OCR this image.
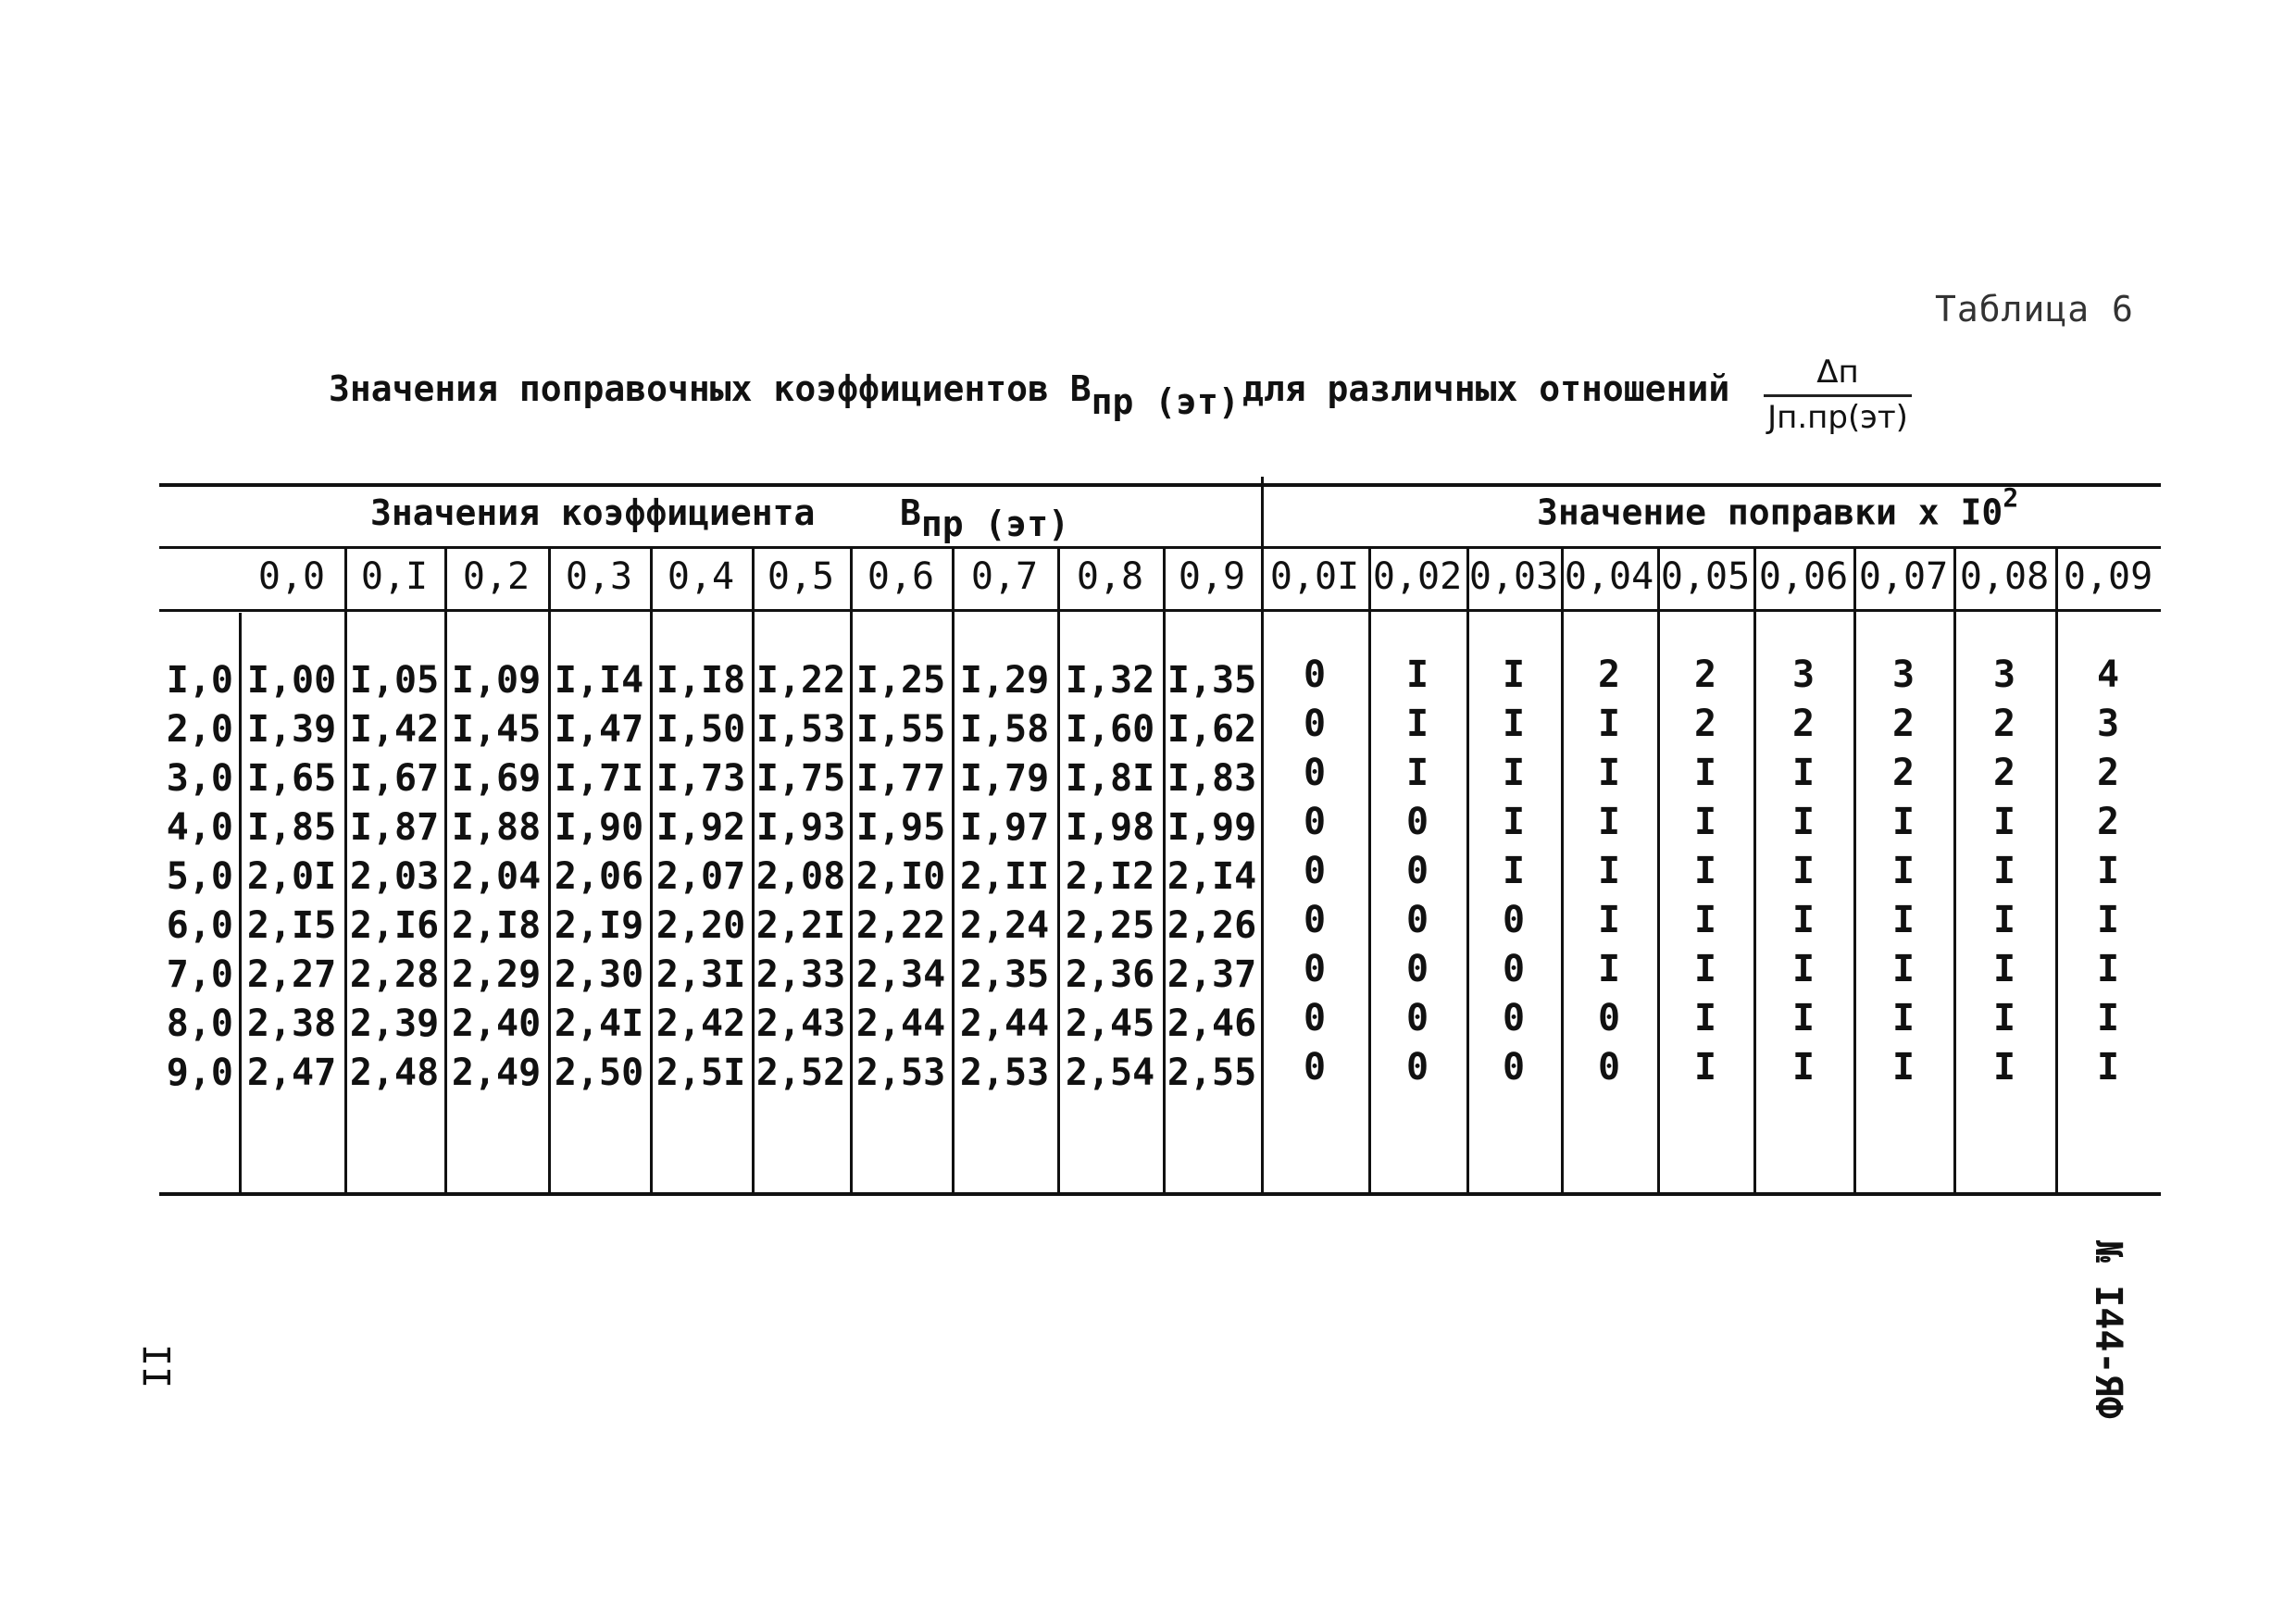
Таблица 6
Значения поправочных коэффициентов Впр (эт) для различных отношений	Δп
Jп.пр(эт)
Значения коэффициента Впр (эт)	Значение поправки х $I0^2$
0,0 0,I 0,2 0,3 0,4 0,5 0,6 0,7	0,8 0,9 0,0I 0,02 0,03 0,04 0,05 0,06 0,07 0,08 0,09
I,0 I,00 I,05 I,09 I,I4 I,I8 I,22 I,25 I,29 I,32 I,35	0	I	I	2	2	3	3	3	4
2,0 I,39 I,42 I,45 I,47 I,50 I,53 I,55 I,58 I,60 I,62	0	I	I	I	2	2	2	2	3
3,0 I,65 I,67 I,69 I,7I I,73 I,75 I,77 I,79 I,8I I,83	0	I	I	I	I	I	2	2	2
4,0 I,85 I,87 I,88 I,90 I,92 I,93 I,95 I,97 I,98 I,99	0	0	I	I	I	I	I	I	2
5,0 2,0I 2,03 2,04 2,06 2,07 2,08 2,I0 2,II 2,I2 2,I4	0	0	I	I	I	I	I	I	I
6,0 2,I5 2,I6 2,I8 2,I9 2,20 2,2I 2,22 2,24 2,25 2,26	0	0	0	I	I	I	I	I	I
7,0 2,27 2,28 2,29 2,30 2,3I 2,33 2,34 2,35 2,36 2,37	0	0	0	I	I	I	I	I	I
8,0 2,38 2,39 2,40 2,4I 2,42 2,43 2,44 2,44 2,45 2,46	0	0	0	0	I	I	I	I	I
9,0 2,47 2,48 2,49 2,50 2,5I 2,52 2,53 2,53 2,54 2,55	0	0	0	0	I	I	I	I	I
II	№ I44-ЯФ
